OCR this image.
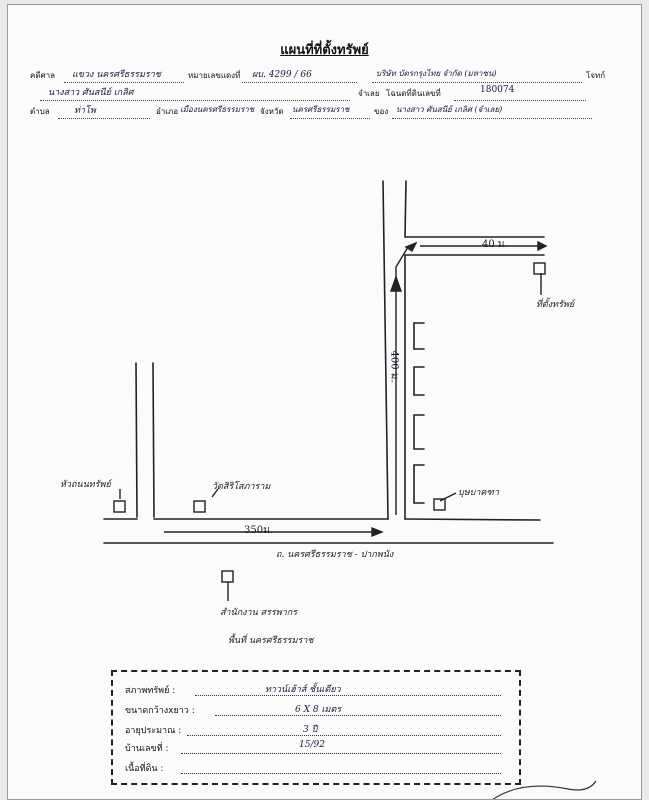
แผนที่ที่ตั้งทรัพย์
คดีศาล แขวง นครศรีธรรมราช	หมายเลขแดงที่ ผบ. 4299 / 66	บริษัท บัตรกรุงไทย จำกัด (มหาชน)	โจทก์
นางสาว ศันสนีย์ เกลิศ	จำเลย โฉนดที่ดินเลขที่	180074
ตำบล	ท่าโพ	อำเภอ เมืองนครศรีธรรมราช จังหวัด นครศรีธรรมราช	ของ นางสาว ศันสนีย์ เกลิศ (จำเลย)
40 ม.
400 ม.
350ม.
ถ. นครศรีธรรมราช - ปากพนัง
ที่ตั้งทรัพย์
หัวถนนทรัพย์	วัดสิริโสภาราม
บุษบาคฑา
สำนักงาน สรรพากร
พื้นที่ นครศรีธรรมราช
สภาพทรัพย์ :	ทาวน์เฮ้าส์ ชั้นเดียว
ขนาดกว้างxยาว :	6 X 8 เมตร
อายุประมาณ :	3 ปี
บ้านเลขที่ :	15/92
เนื้อที่ดิน :
